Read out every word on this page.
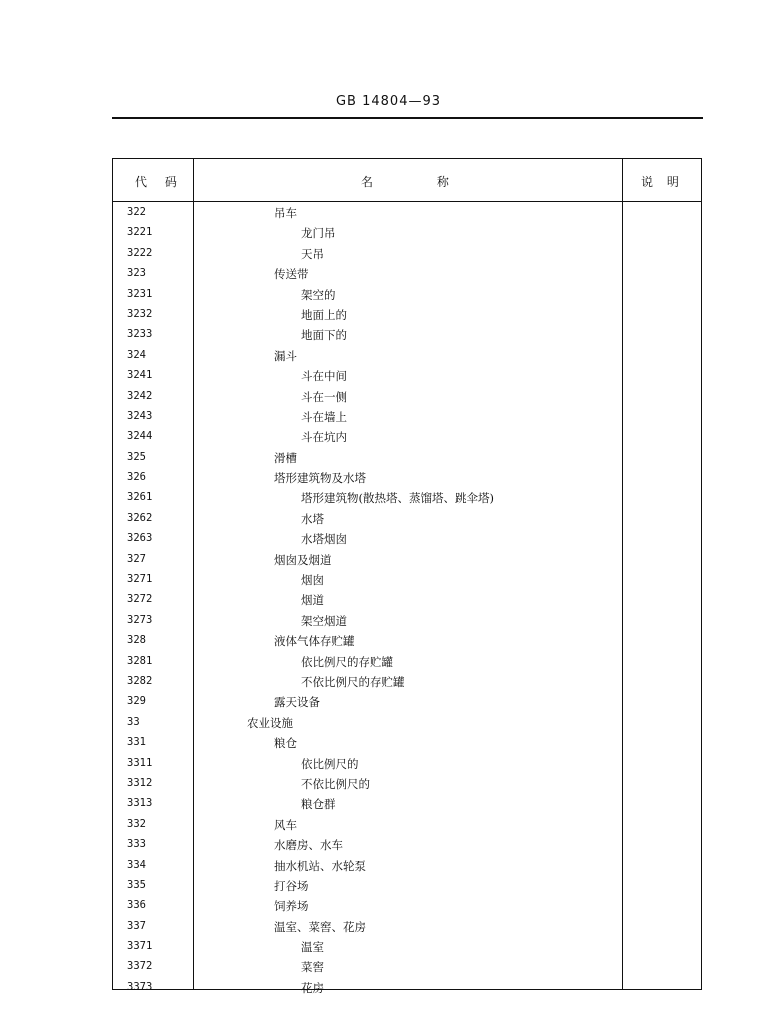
GB 14804—93
代 码	名 称	说 明
322	吊车
3221	龙门吊
3222	天吊
323	传送带
3231	架空的
3232	地面上的
3233	地面下的
324	漏斗
3241	斗在中间
3242	斗在一侧
3243	斗在墙上
3244	斗在坑内
325	滑槽
326	塔形建筑物及水塔
3261	塔形建筑物(散热塔、蒸馏塔、跳伞塔)
3262	水塔
3263	水塔烟囱
327	烟囱及烟道
3271	烟囱
3272	烟道
3273	架空烟道
328	液体气体存贮罐
3281	依比例尺的存贮罐
3282	不依比例尺的存贮罐
329	露天设备
33	农业设施
331	粮仓
3311	依比例尺的
3312	不依比例尺的
3313	粮仓群
332	风车
333	水磨房、水车
334	抽水机站、水轮泵
335	打谷场
336	饲养场
337	温室、菜窖、花房
3371	温室
3372	菜窖
3373	花房
